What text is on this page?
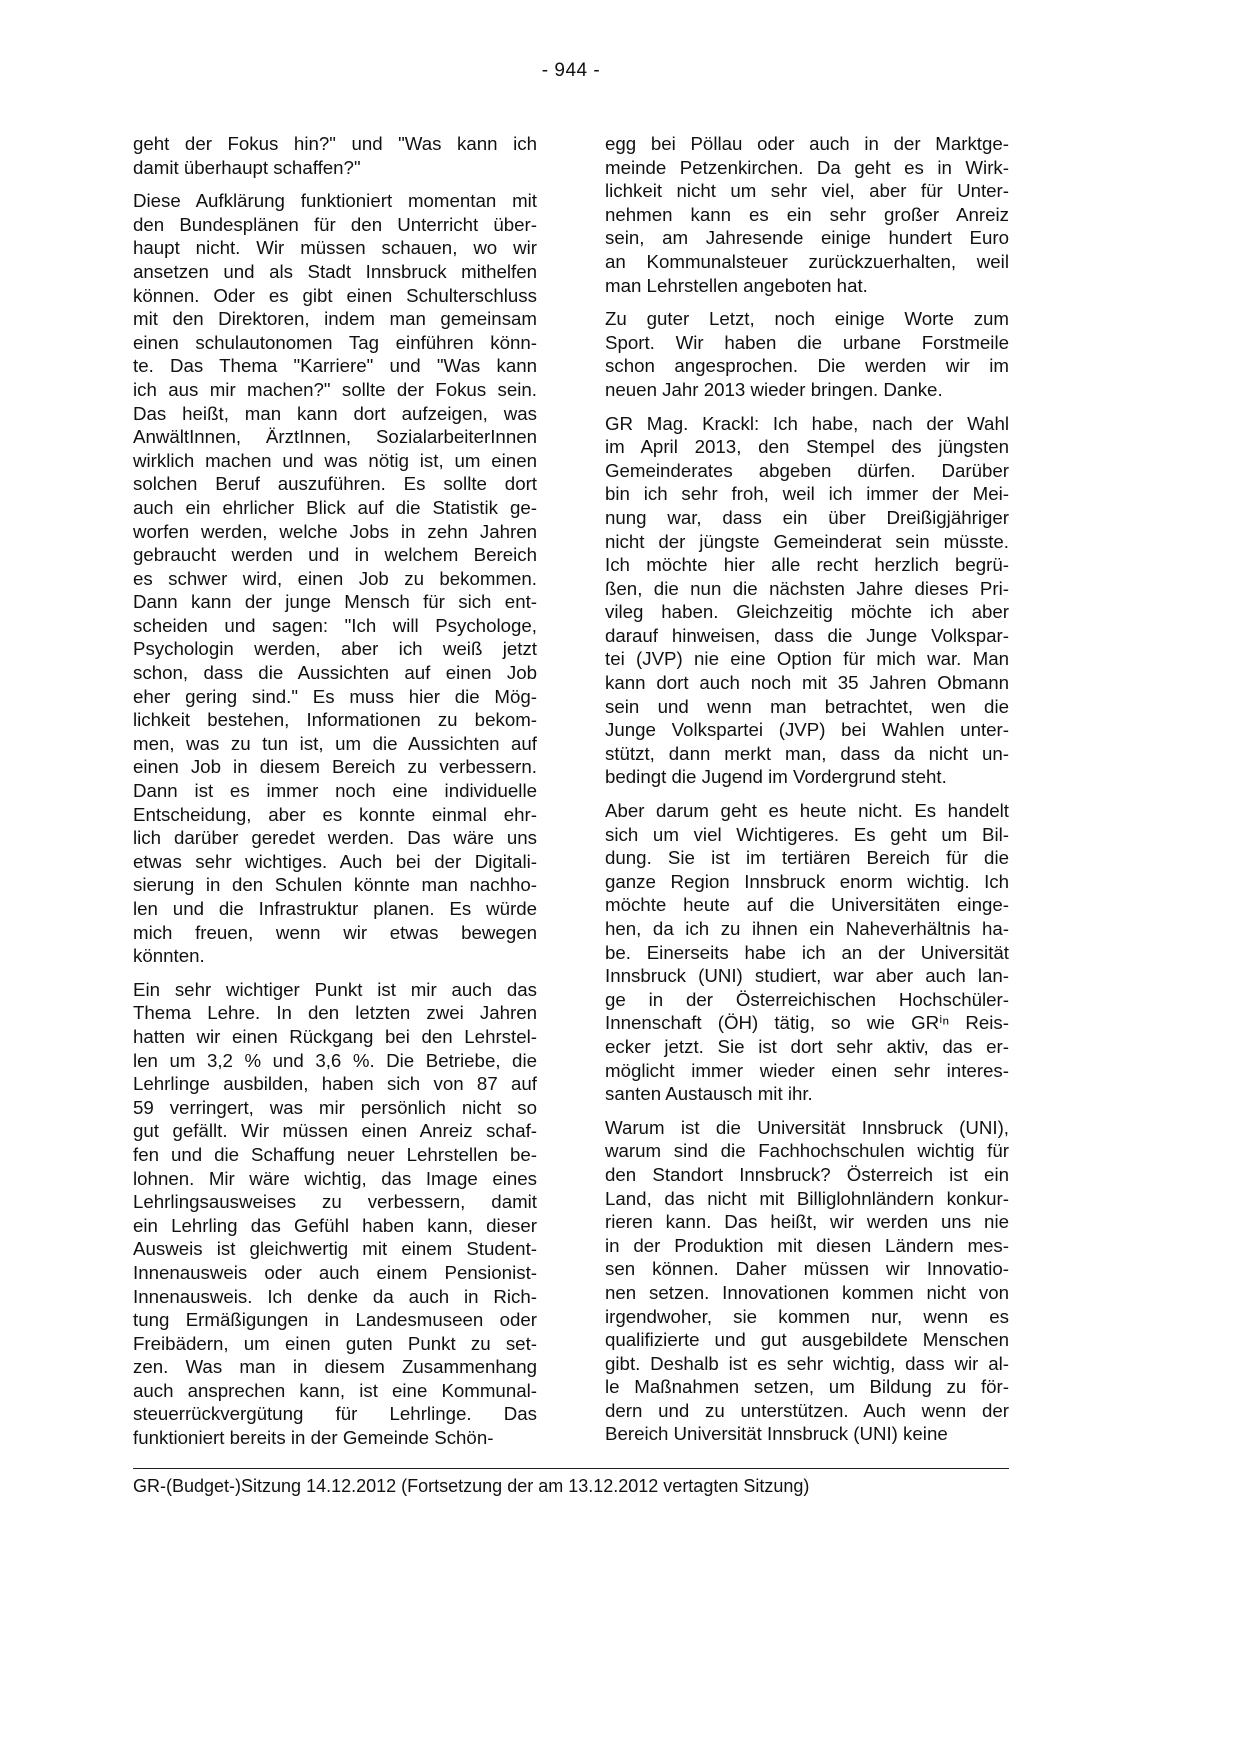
- 944 -
geht der Fokus hin?" und "Was kann ich
damit überhaupt schaffen?"
Diese Aufklärung funktioniert momentan mit
den Bundesplänen für den Unterricht über-
haupt nicht. Wir müssen schauen, wo wir
ansetzen und als Stadt Innsbruck mithelfen
können. Oder es gibt einen Schulterschluss
mit den Direktoren, indem man gemeinsam
einen schulautonomen Tag einführen könn-
te. Das Thema "Karriere" und "Was kann
ich aus mir machen?" sollte der Fokus sein.
Das heißt, man kann dort aufzeigen, was
AnwältInnen, ÄrztInnen, SozialarbeiterInnen
wirklich machen und was nötig ist, um einen
solchen Beruf auszuführen. Es sollte dort
auch ein ehrlicher Blick auf die Statistik ge-
worfen werden, welche Jobs in zehn Jahren
gebraucht werden und in welchem Bereich
es schwer wird, einen Job zu bekommen.
Dann kann der junge Mensch für sich ent-
scheiden und sagen: "Ich will Psychologe,
Psychologin werden, aber ich weiß jetzt
schon, dass die Aussichten auf einen Job
eher gering sind." Es muss hier die Mög-
lichkeit bestehen, Informationen zu bekom-
men, was zu tun ist, um die Aussichten auf
einen Job in diesem Bereich zu verbessern.
Dann ist es immer noch eine individuelle
Entscheidung, aber es konnte einmal ehr-
lich darüber geredet werden. Das wäre uns
etwas sehr wichtiges. Auch bei der Digitali-
sierung in den Schulen könnte man nachho-
len und die Infrastruktur planen. Es würde
mich freuen, wenn wir etwas bewegen
könnten.
Ein sehr wichtiger Punkt ist mir auch das
Thema Lehre. In den letzten zwei Jahren
hatten wir einen Rückgang bei den Lehrstel-
len um 3,2 % und 3,6 %. Die Betriebe, die
Lehrlinge ausbilden, haben sich von 87 auf
59 verringert, was mir persönlich nicht so
gut gefällt. Wir müssen einen Anreiz schaf-
fen und die Schaffung neuer Lehrstellen be-
lohnen. Mir wäre wichtig, das Image eines
Lehrlingsausweises zu verbessern, damit
ein Lehrling das Gefühl haben kann, dieser
Ausweis ist gleichwertig mit einem Student-
Innenausweis oder auch einem Pensionist-
Innenausweis. Ich denke da auch in Rich-
tung Ermäßigungen in Landesmuseen oder
Freibädern, um einen guten Punkt zu set-
zen. Was man in diesem Zusammenhang
auch ansprechen kann, ist eine Kommunal-
steuerrückvergütung für Lehrlinge. Das
funktioniert bereits in der Gemeinde Schön-
egg bei Pöllau oder auch in der Marktge-
meinde Petzenkirchen. Da geht es in Wirk-
lichkeit nicht um sehr viel, aber für Unter-
nehmen kann es ein sehr großer Anreiz
sein, am Jahresende einige hundert Euro
an Kommunalsteuer zurückzuerhalten, weil
man Lehrstellen angeboten hat.
Zu guter Letzt, noch einige Worte zum
Sport. Wir haben die urbane Forstmeile
schon angesprochen. Die werden wir im
neuen Jahr 2013 wieder bringen. Danke.
GR Mag. Krackl: Ich habe, nach der Wahl
im April 2013, den Stempel des jüngsten
Gemeinderates abgeben dürfen. Darüber
bin ich sehr froh, weil ich immer der Mei-
nung war, dass ein über Dreißigjähriger
nicht der jüngste Gemeinderat sein müsste.
Ich möchte hier alle recht herzlich begrü-
ßen, die nun die nächsten Jahre dieses Pri-
vileg haben. Gleichzeitig möchte ich aber
darauf hinweisen, dass die Junge Volkspar-
tei (JVP) nie eine Option für mich war. Man
kann dort auch noch mit 35 Jahren Obmann
sein und wenn man betrachtet, wen die
Junge Volkspartei (JVP) bei Wahlen unter-
stützt, dann merkt man, dass da nicht un-
bedingt die Jugend im Vordergrund steht.
Aber darum geht es heute nicht. Es handelt
sich um viel Wichtigeres. Es geht um Bil-
dung. Sie ist im tertiären Bereich für die
ganze Region Innsbruck enorm wichtig. Ich
möchte heute auf die Universitäten einge-
hen, da ich zu ihnen ein Naheverhältnis ha-
be. Einerseits habe ich an der Universität
Innsbruck (UNI) studiert, war aber auch lan-
ge in der Österreichischen Hochschüler-
Innenschaft (ÖH) tätig, so wie GRⁱⁿ Reis-
ecker jetzt. Sie ist dort sehr aktiv, das er-
möglicht immer wieder einen sehr interes-
santen Austausch mit ihr.
Warum ist die Universität Innsbruck (UNI),
warum sind die Fachhochschulen wichtig für
den Standort Innsbruck? Österreich ist ein
Land, das nicht mit Billiglohnländern konkur-
rieren kann. Das heißt, wir werden uns nie
in der Produktion mit diesen Ländern mes-
sen können. Daher müssen wir Innovatio-
nen setzen. Innovationen kommen nicht von
irgendwoher, sie kommen nur, wenn es
qualifizierte und gut ausgebildete Menschen
gibt. Deshalb ist es sehr wichtig, dass wir al-
le Maßnahmen setzen, um Bildung zu för-
dern und zu unterstützen. Auch wenn der
Bereich Universität Innsbruck (UNI) keine
GR-(Budget-)Sitzung 14.12.2012 (Fortsetzung der am 13.12.2012 vertagten Sitzung)
